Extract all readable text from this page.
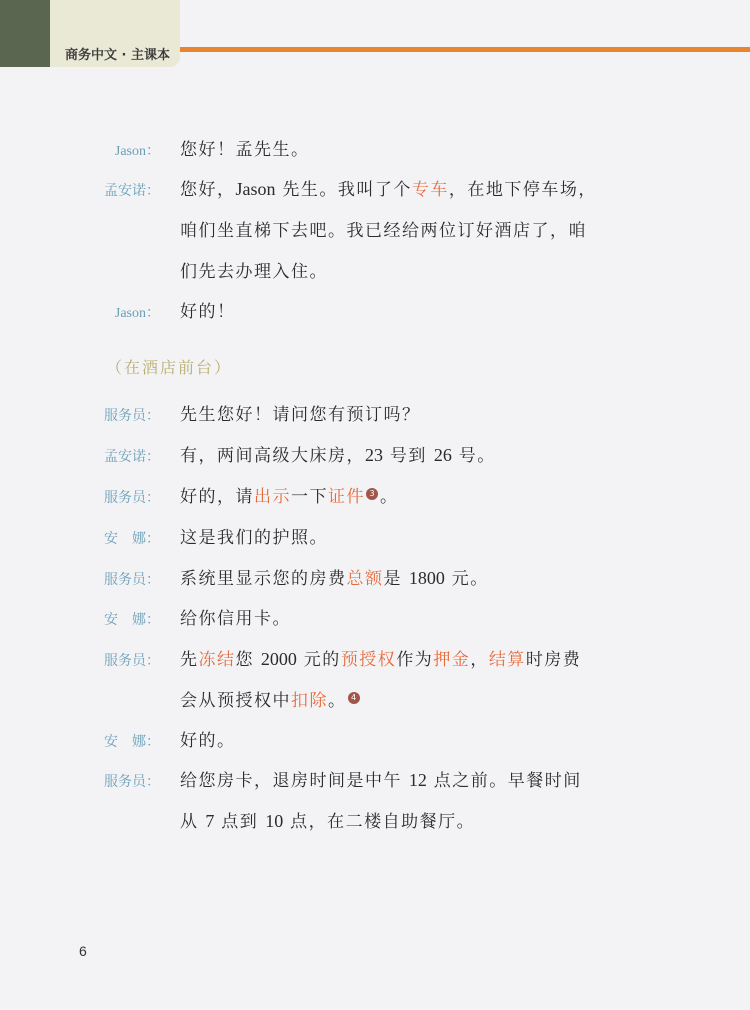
商务中文 · 主课本
Jason： 您好！孟先生。
孟安诺： 您好，Jason 先生。我叫了个专车，在地下停车场，
咱们坐直梯下去吧。我已经给两位订好酒店了，咱
们先去办理入住。
Jason： 好的！
服务员： 先生您好！请问您有预订吗？
孟安诺： 有，两间高级大床房，23 号到 26 号。
服务员： 好的，请出示一下证件 3 。
安　娜： 这是我们的护照。
服务员： 系统里显示您的房费总额是 1800 元。
安　娜： 给你信用卡。
服务员： 先冻结您 2000 元的预授权作为押金，结算时房费
会从预授权中扣除。 4
安　娜： 好的。
服务员： 给您房卡，退房时间是中午 12 点之前。早餐时间
从 7 点到 10 点，在二楼自助餐厅。
（在酒店前台）
6
